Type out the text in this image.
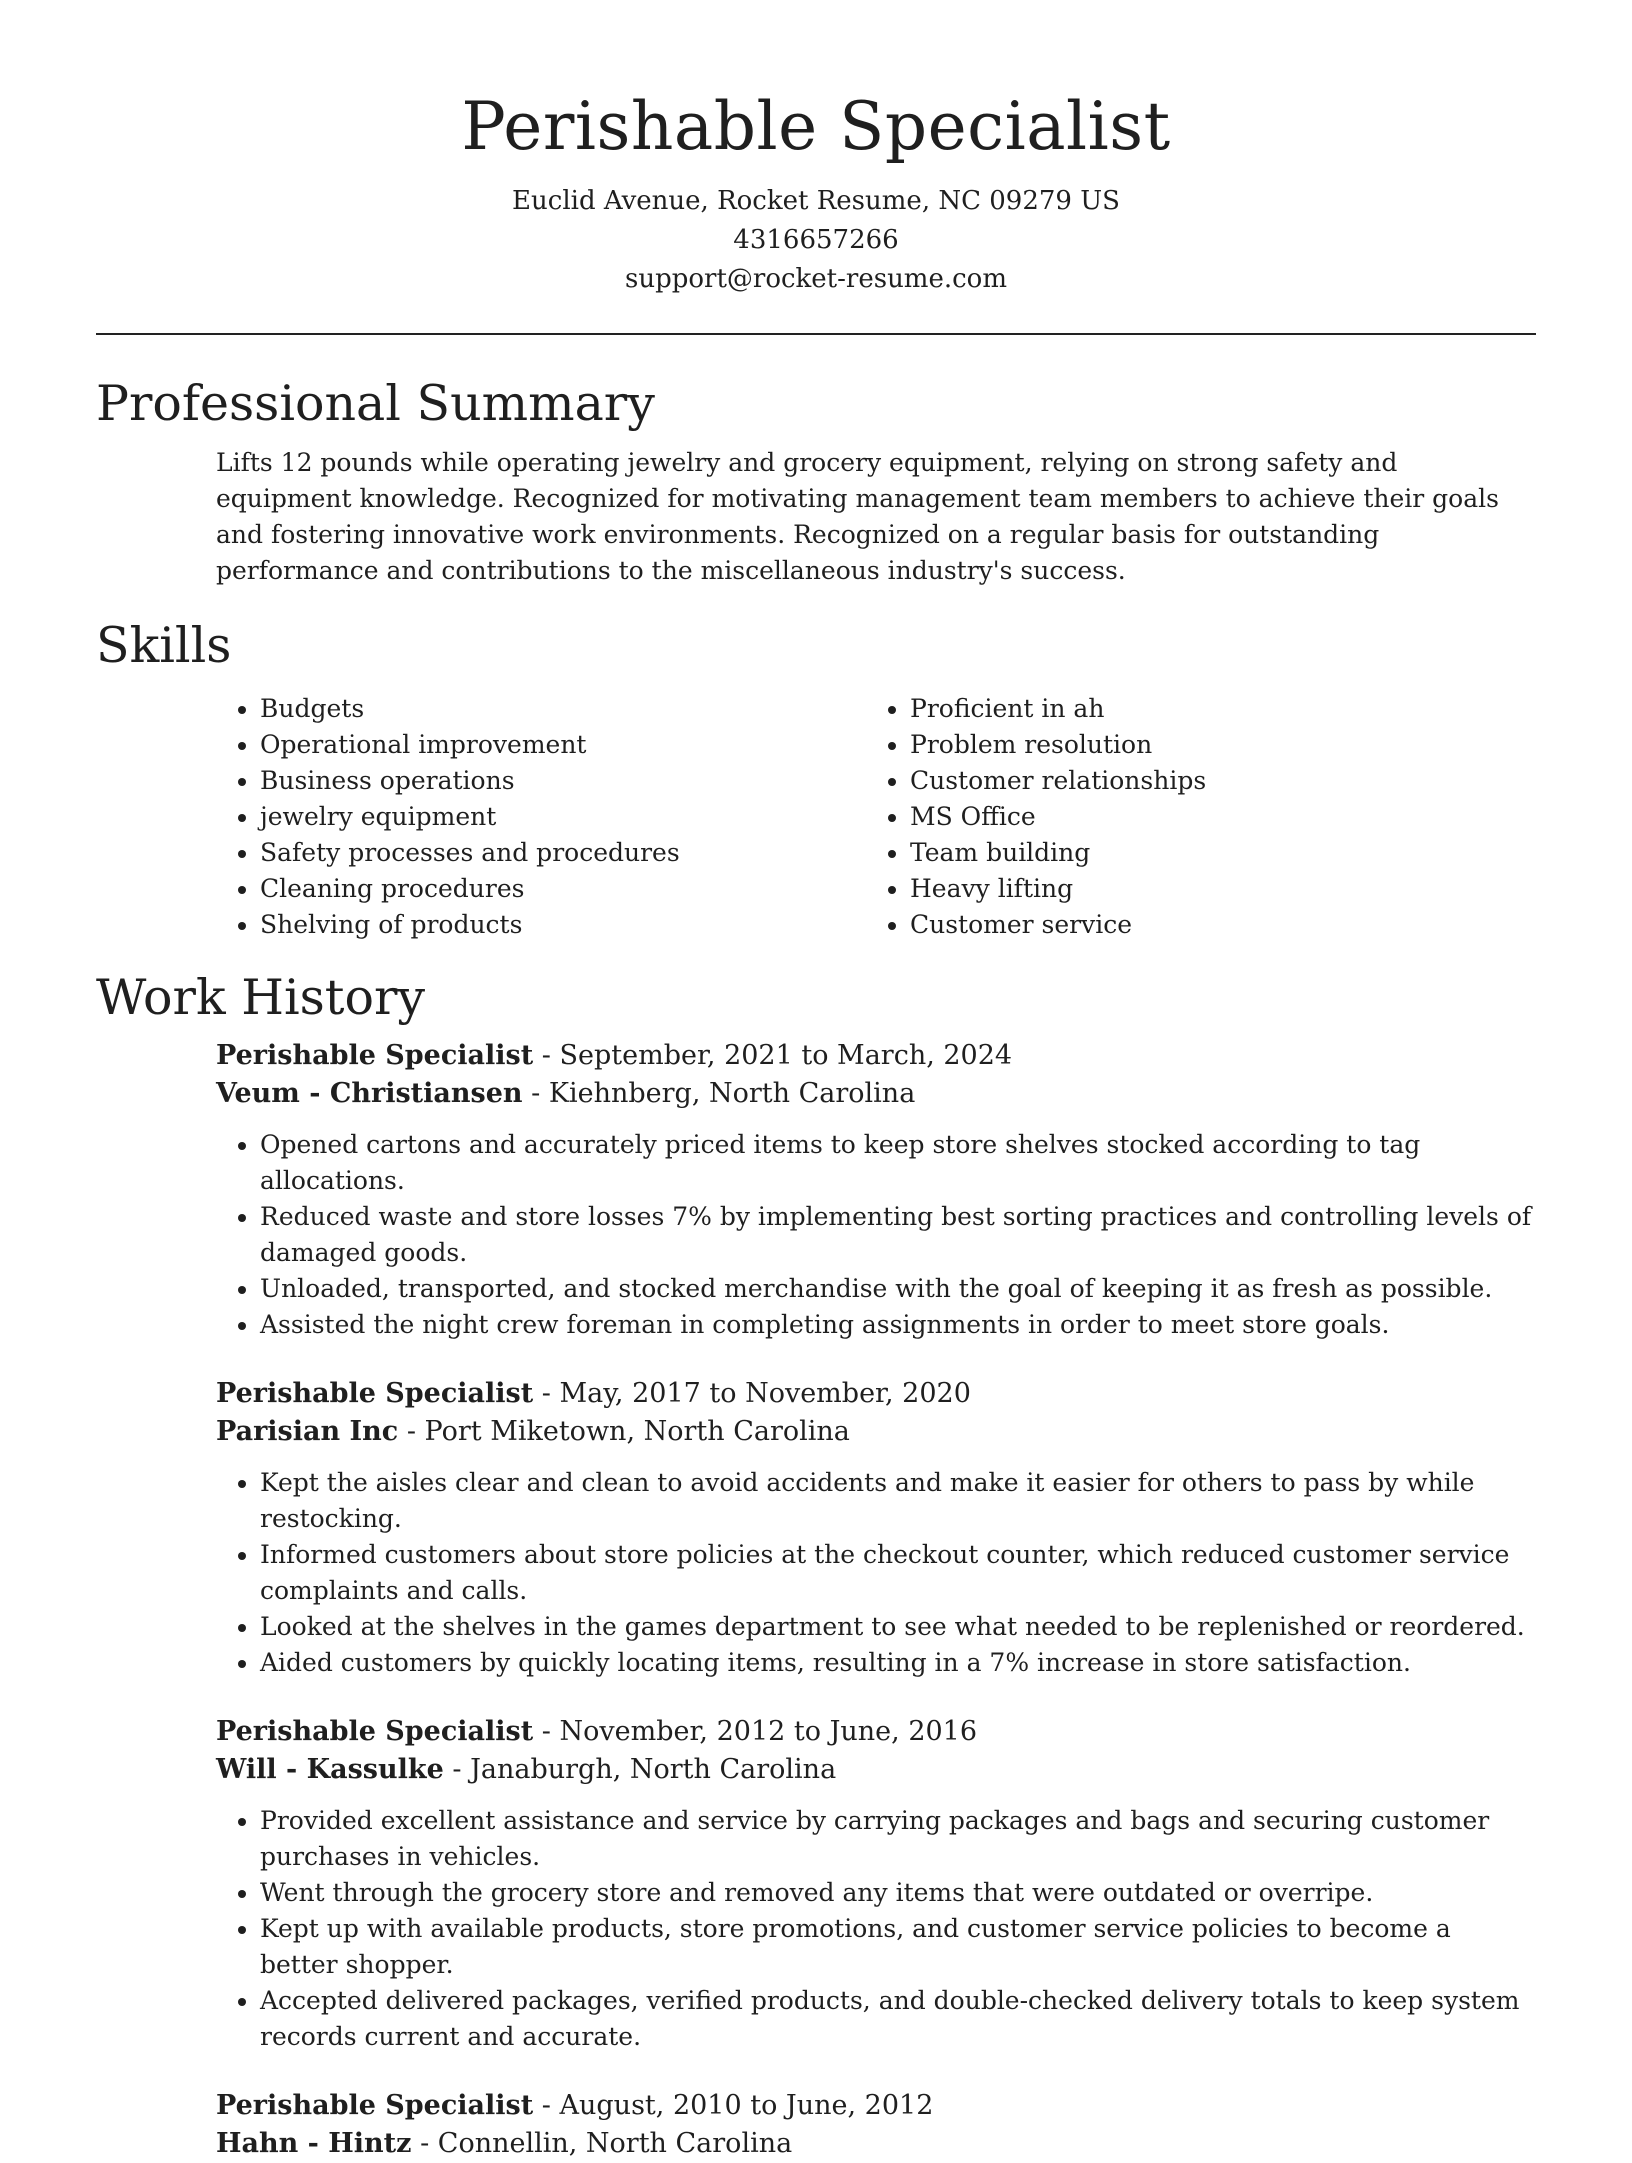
Perishable Specialist

Euclid Avenue, Rocket Resume, NC 09279 US

4316657266

support@rocket-resume.com

Professional Summary

Lifts 12 pounds while operating jewelry and grocery equipment, relying on strong safety and equipment knowledge. Recognized for motivating management team members to achieve their goals and fostering innovative work environments. Recognized on a regular basis for outstanding performance and contributions to the miscellaneous industry's success.

Skills
• Budgets
• Operational improvement
• Business operations
• jewelry equipment
• Safety processes and procedures
• Cleaning procedures
• Shelving of products
• Proficient in ah
• Problem resolution
• Customer relationships
• MS Office
• Team building
• Heavy lifting
• Customer service
Work History

Perishable Specialist - September, 2021 to March, 2024

Veum - Christiansen - Kiehnberg, North Carolina

• Opened cartons and accurately priced items to keep store shelves stocked according to tag allocations.
• Reduced waste and store losses 7% by implementing best sorting practices and controlling levels of damaged goods.
• Unloaded, transported, and stocked merchandise with the goal of keeping it as fresh as possible.
• Assisted the night crew foreman in completing assignments in order to meet store goals.

Perishable Specialist - May, 2017 to November, 2020

Parisian Inc - Port Miketown, North Carolina

• Kept the aisles clear and clean to avoid accidents and make it easier for others to pass by while restocking.
• Informed customers about store policies at the checkout counter, which reduced customer service complaints and calls.
• Looked at the shelves in the games department to see what needed to be replenished or reordered.
• Aided customers by quickly locating items, resulting in a 7% increase in store satisfaction.

Perishable Specialist - November, 2012 to June, 2016

Will - Kassulke - Janaburgh, North Carolina

• Provided excellent assistance and service by carrying packages and bags and securing customer purchases in vehicles.
• Went through the grocery store and removed any items that were outdated or overripe.
• Kept up with available products, store promotions, and customer service policies to become a better shopper.
• Accepted delivered packages, verified products, and double-checked delivery totals to keep system records current and accurate.

Perishable Specialist - August, 2010 to June, 2012

Hahn - Hintz - Connellin, North Carolina
